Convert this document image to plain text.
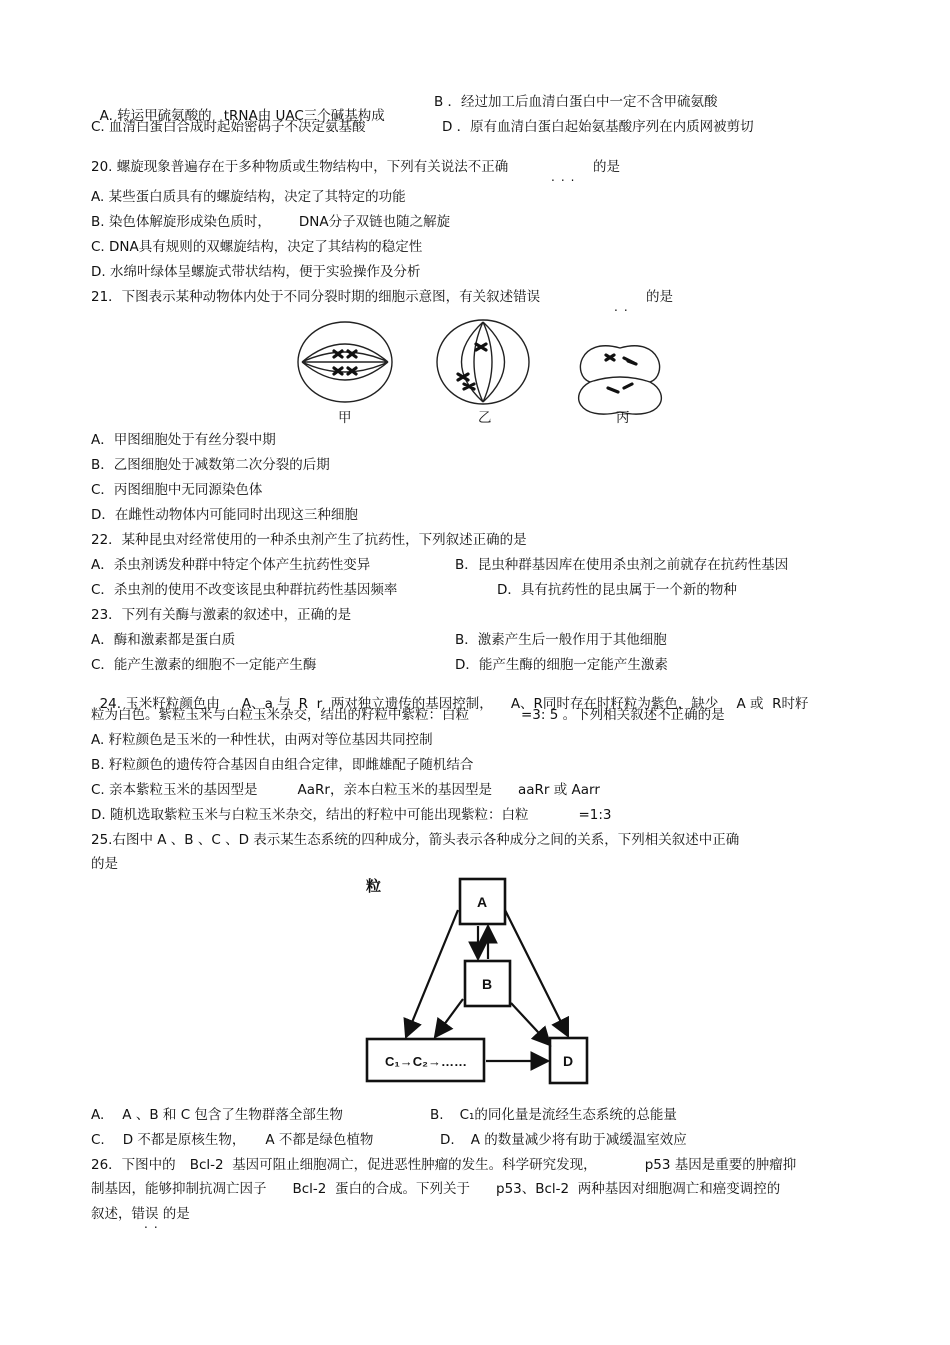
A. 转运甲硫氨酸的 tRNA由 UAC三个碱基构成

B ．经过加工后血清白蛋白中一定不含甲硫氨酸
C. 血清白蛋白合成时起始密码子不决定氨基酸	D ．原有血清白蛋白起始氨基酸序列在内质网被剪切
20. 螺旋现象普遍存在于多种物质或生物结构中，下列有关说法不正确
...
的是
A. 某些蛋白质具有的螺旋结构，决定了其特定的功能
B. 染色体解旋形成染色质时， DNA分子双链也随之解旋
C. DNA具有规则的双螺旋结构，决定了其结构的稳定性
D. 水绵叶绿体呈螺旋式带状结构，便于实验操作及分析
21．下图表示某种动物体内处于不同分裂时期的细胞示意图，有关叙述错误
..
的是
甲	乙	丙
A．甲图细胞处于有丝分裂中期
B．乙图细胞处于减数第二次分裂的后期
C．丙图细胞中无同源染色体
D．在雌性动物体内可能同时出现这三种细胞
22．某种昆虫对经常使用的一种杀虫剂产生了抗药性，下列叙述正确的是
A．杀虫剂诱发种群中特定个体产生抗药性变异	B．昆虫种群基因库在使用杀虫剂之前就存在抗药性基因
C．杀虫剂的使用不改变该昆虫种群抗药性基因频率	D．具有抗药性的昆虫属于一个新的物种
23．下列有关酶与激素的叙述中，正确的是
A．酶和激素都是蛋白质	B．激素产生后一般作用于其他细胞
C．能产生激素的细胞不一定能产生酶	D．能产生酶的细胞一定能产生激素

24. 玉米籽粒颜色由 A、a 与 R r 两对独立遗传的基因控制， A、R同时存在时籽粒为紫色，缺少 A 或 R时籽

粒为白色。紫粒玉米与白粒玉米杂交，结出的籽粒中紫粒：白粒	=3: 5 。下列相关叙述不正确的是
A. 籽粒颜色是玉米的一种性状，由两对等位基因共同控制
B. 籽粒颜色的遗传符合基因自由组合定律，即雌雄配子随机结合
C. 亲本紫粒玉米的基因型是	AaRr，亲本白粒玉米的基因型是 aaRr 或 Aarr
D. 随机选取紫粒玉米与白粒玉米杂交，结出的籽粒中可能出现紫粒：白粒	=1:3
25.右图中 A 、B 、C 、D 表示某生态系统的四种成分，箭头表示各种成分之间的关系，下列相关叙述中正确
的是
粒
A
B
C₁→C₂→……	D
A. A 、B 和 C 包含了生物群落全部生物	B. C₁的同化量是流经生态系统的总能量
C. D 不都是原核生物， A 不都是绿色植物	D. A 的数量减少将有助于减缓温室效应
26．下图中的 Bcl-2 基因可阻止细胞凋亡，促进恶性肿瘤的发生。科学研究发现，	p53 基因是重要的肿瘤抑
制基因，能够抑制抗凋亡因子 Bcl-2 蛋白的合成。下列关于 p53、Bcl-2 两种基因对细胞凋亡和癌变调控的
叙述，错误 的是
..
